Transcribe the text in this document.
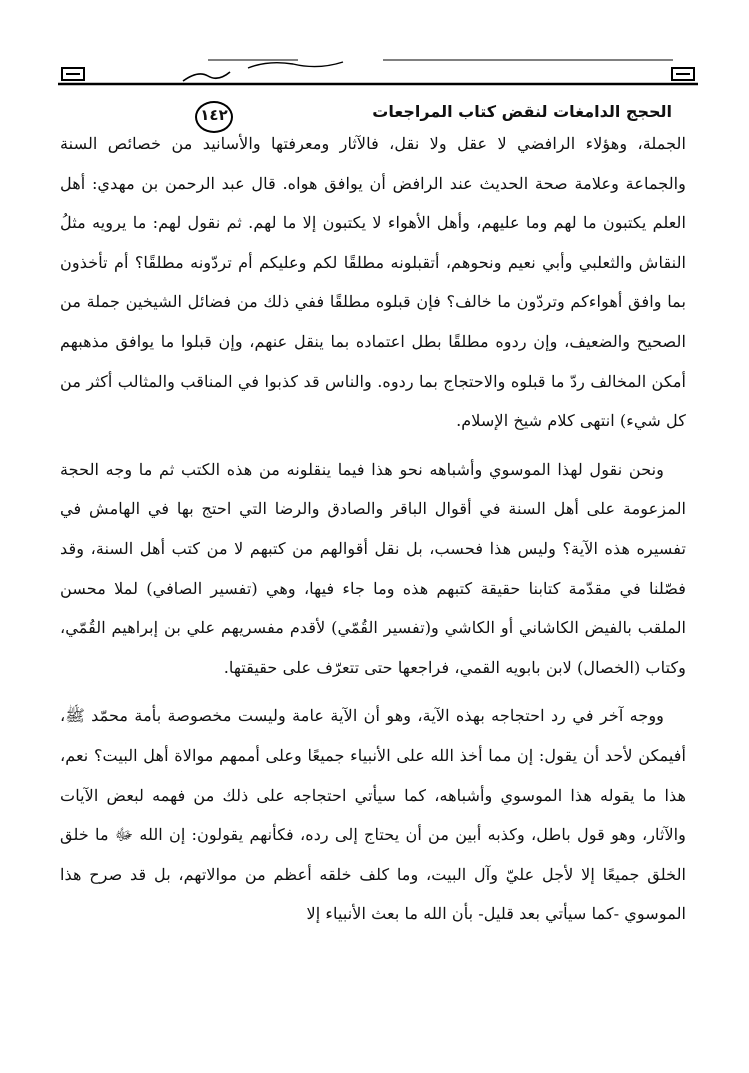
١٤٢	الحجج الدامغات لنقض كتاب المراجعات

الجملة، وهؤلاء الرافضي لا عقل ولا نقل، فالآثار ومعرفتها والأسانيد من خصائص السنة والجماعة وعلامة صحة الحديث عند الرافض أن يوافق هواه. قال عبد الرحمن بن مهدي: أهل العلم يكتبون ما لهم وما عليهم، وأهل الأهواء لا يكتبون إلا ما لهم. ثم نقول لهم: ما يرويه مثلُ النقاش والثعلبي وأبي نعيم ونحوهم، أتقبلونه مطلقًا لكم وعليكم أم تردّونه مطلقًا؟ أم تأخذون بما وافق أهواءكم وتردّون ما خالف؟ فإن قبلوه مطلقًا ففي ذلك من فضائل الشيخين جملة من الصحيح والضعيف، وإن ردوه مطلقًا بطل اعتماده بما ينقل عنهم، وإن قبلوا ما يوافق مذهبهم أمكن المخالف ردّ ما قبلوه والاحتجاج بما ردوه. والناس قد كذبوا في المناقب والمثالب أكثر من كل شيء) انتهى كلام شيخ الإسلام.

ونحن نقول لهذا الموسوي وأشباهه نحو هذا فيما ينقلونه من هذه الكتب ثم ما وجه الحجة المزعومة على أهل السنة في أقوال الباقر والصادق والرضا التي احتج بها في الهامش في تفسيره هذه الآية؟ وليس هذا فحسب، بل نقل أقوالهم من كتبهم لا من كتب أهل السنة، وقد فصّلنا في مقدّمة كتابنا حقيقة كتبهم هذه وما جاء فيها، وهي (تفسير الصافي) لملا محسن الملقب بالفيض الكاشاني أو الكاشي و(تفسير القُمّي) لأقدم مفسريهم علي بن إبراهيم القُمّي، وكتاب (الخصال) لابن بابويه القمي، فراجعها حتى تتعرّف على حقيقتها.

ووجه آخر في رد احتجاجه بهذه الآية، وهو أن الآية عامة وليست مخصوصة بأمة محمّد ﷺ، أفيمكن لأحد أن يقول: إن مما أخذ الله على الأنبياء جميعًا وعلى أممهم موالاة أهل البيت؟ نعم، هذا ما يقوله هذا الموسوي وأشباهه، كما سيأتي احتجاجه على ذلك من فهمه لبعض الآيات والآثار، وهو قول باطل، وكذبه أبين من أن يحتاج إلى رده، فكأنهم يقولون: إن الله ﷻ ما خلق الخلق جميعًا إلا لأجل عليّ وآل البيت، وما كلف خلقه أعظم من موالاتهم، بل قد صرح هذا الموسوي -كما سيأتي بعد قليل- بأن الله ما بعث الأنبياء إلا
